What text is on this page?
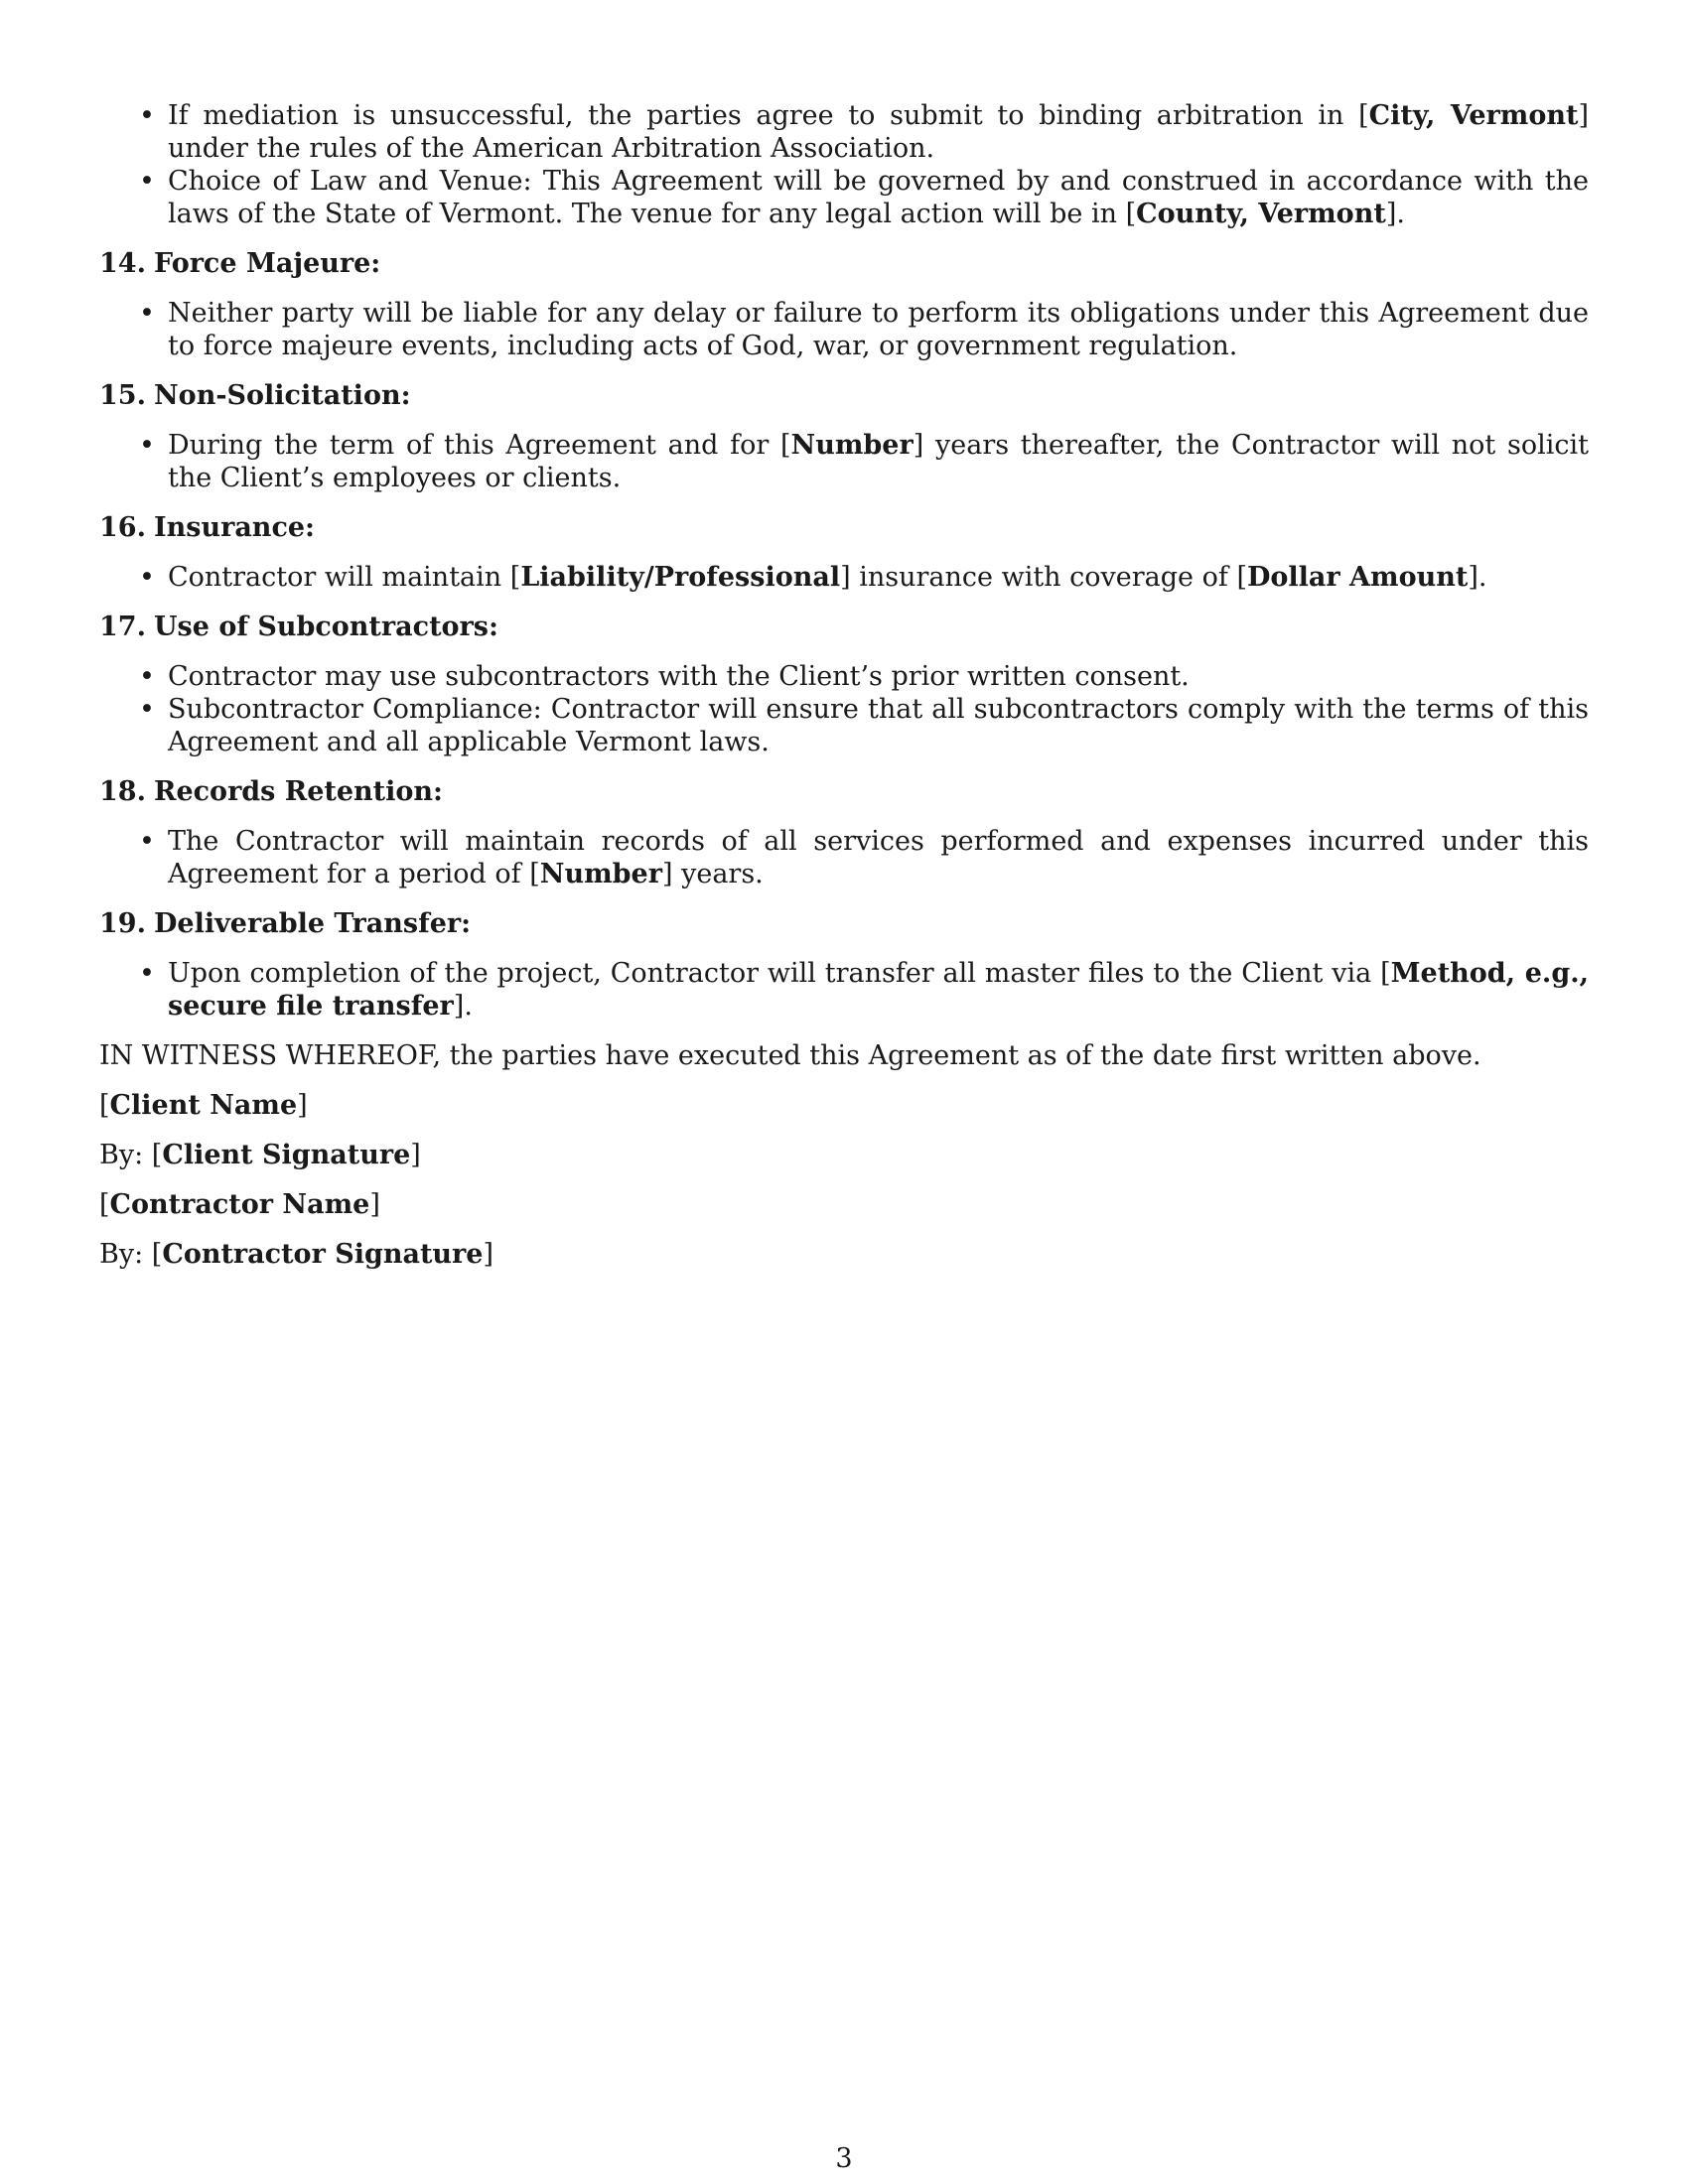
• If mediation is unsuccessful, the parties agree to submit to binding arbitration in [City, Vermont] under the rules of the American Arbitration Association.
• Choice of Law and Venue: This Agreement will be governed by and construed in accordance with the laws of the State of Vermont. The venue for any legal action will be in [County, Vermont].
14. Force Majeure:
• Neither party will be liable for any delay or failure to perform its obligations under this Agreement due to force majeure events, including acts of God, war, or government regulation.
15. Non-Solicitation:
• During the term of this Agreement and for [Number] years thereafter, the Contractor will not solicit the Client’s employees or clients.
16. Insurance:
• Contractor will maintain [Liability/Professional] insurance with coverage of [Dollar Amount].
17. Use of Subcontractors:
• Contractor may use subcontractors with the Client’s prior written consent.
• Subcontractor Compliance: Contractor will ensure that all subcontractors comply with the terms of this Agreement and all applicable Vermont laws.
18. Records Retention:
• The Contractor will maintain records of all services performed and expenses incurred under this Agreement for a period of [Number] years.
19. Deliverable Transfer:
• Upon completion of the project, Contractor will transfer all master files to the Client via [Method, e.g., secure file transfer].

IN WITNESS WHEREOF, the parties have executed this Agreement as of the date first written above.

[Client Name]

By: [Client Signature]

[Contractor Name]

By: [Contractor Signature]

3
